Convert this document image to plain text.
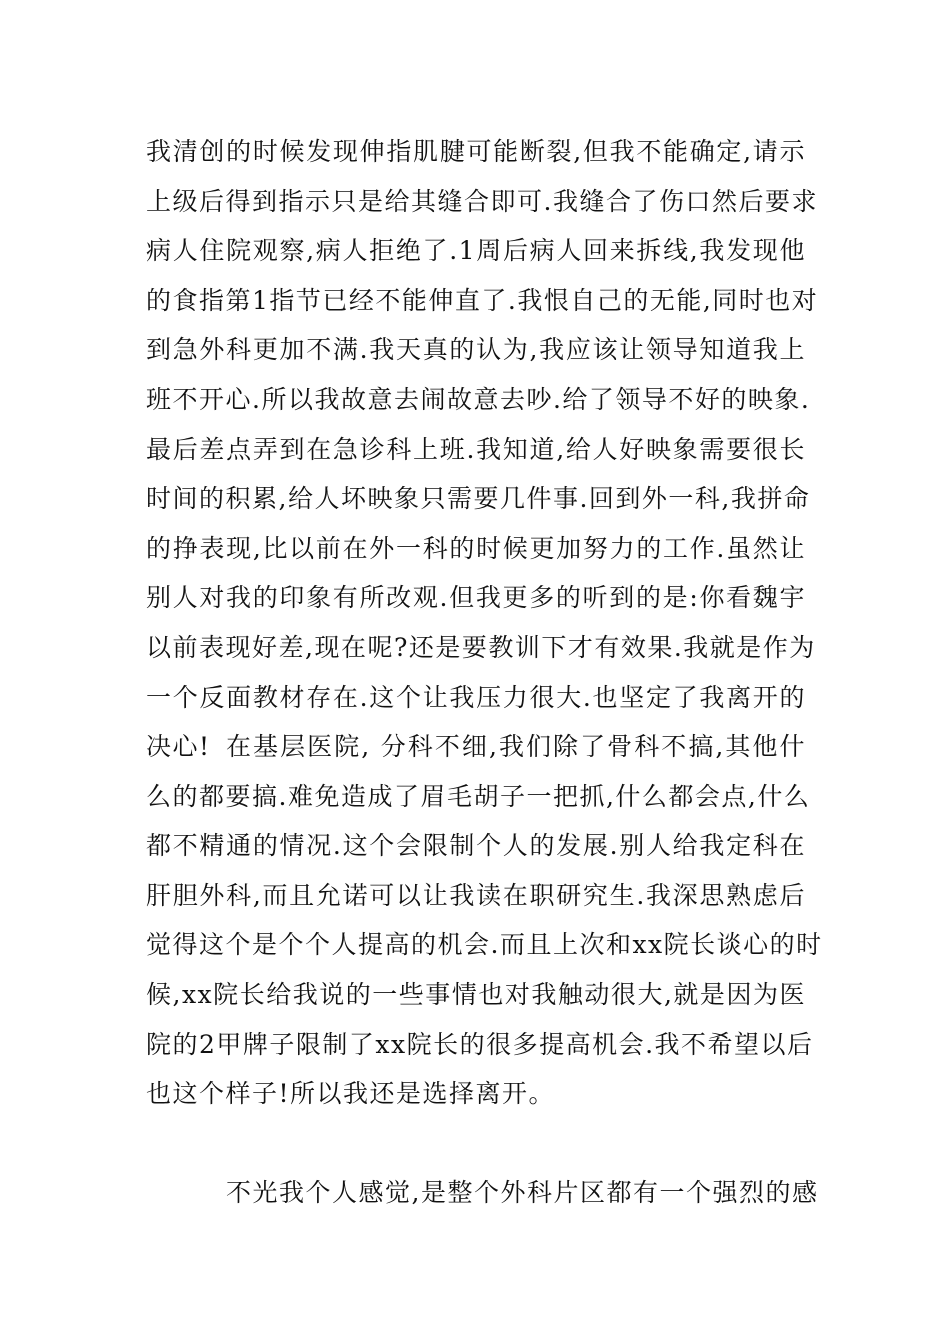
我清创的时候发现伸指肌腱可能断裂,但我不能确定,请示
上级后得到指示只是给其缝合即可.我缝合了伤口然后要求
病人住院观察,病人拒绝了.1周后病人回来拆线,我发现他
的食指第1指节已经不能伸直了.我恨自己的无能,同时也对
到急外科更加不满.我天真的认为,我应该让领导知道我上
班不开心.所以我故意去闹故意去吵.给了领导不好的映象.
最后差点弄到在急诊科上班.我知道,给人好映象需要很长
时间的积累,给人坏映象只需要几件事.回到外一科,我拼命
的挣表现,比以前在外一科的时候更加努力的工作.虽然让
别人对我的印象有所改观.但我更多的听到的是:你看魏宇
以前表现好差,现在呢?还是要教训下才有效果.我就是作为
一个反面教材存在.这个让我压力很大.也坚定了我离开的
决心! 在基层医院, 分科不细,我们除了骨科不搞,其他什
么的都要搞.难免造成了眉毛胡子一把抓,什么都会点,什么
都不精通的情况.这个会限制个人的发展.别人给我定科在
肝胆外科,而且允诺可以让我读在职研究生.我深思熟虑后
觉得这个是个个人提高的机会.而且上次和xx院长谈心的时
候,xx院长给我说的一些事情也对我触动很大,就是因为医
院的2甲牌子限制了xx院长的很多提高机会.我不希望以后
也这个样子!所以我还是选择离开。
不光我个人感觉,是整个外科片区都有一个强烈的感
